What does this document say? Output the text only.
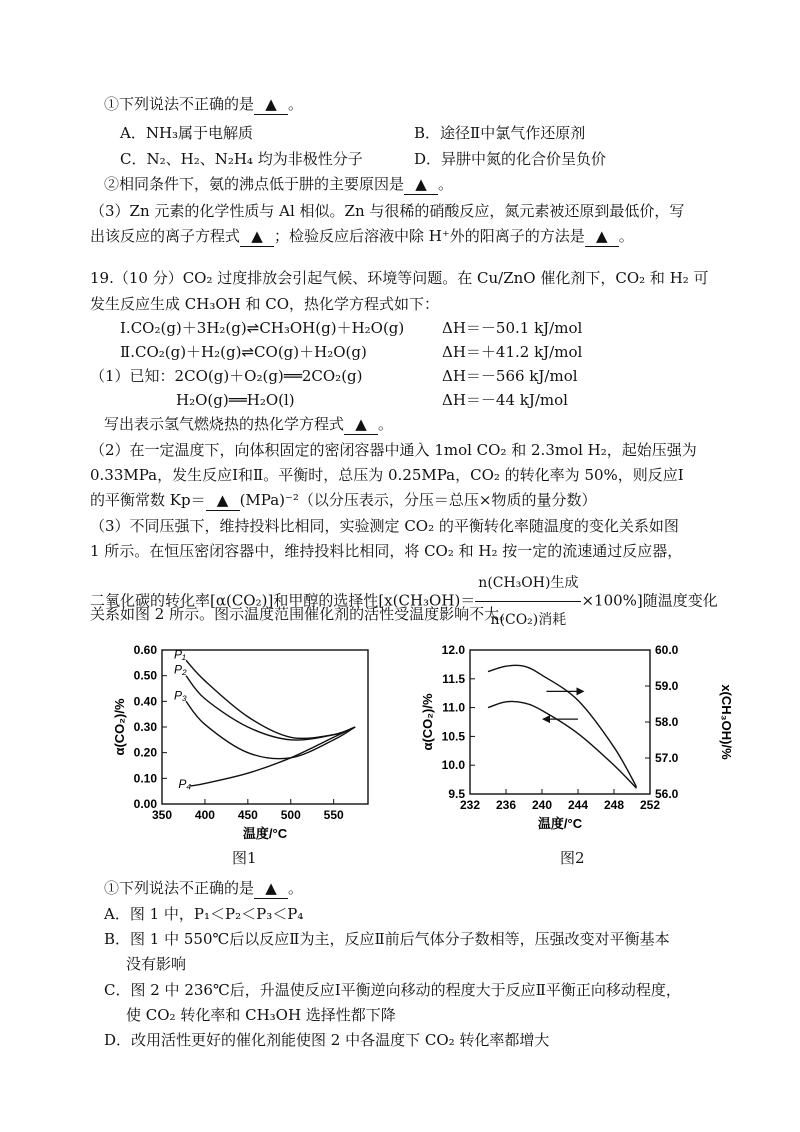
①下列说法不正确的是 ▲ 。
A．NH₃属于电解质	B．途径Ⅱ中氯气作还原剂
C．N₂、H₂、N₂H₄ 均为非极性分子	D．异肼中氮的化合价呈负价
②相同条件下，氨的沸点低于肼的主要原因是 ▲ 。
（3）Zn 元素的化学性质与 Al 相似。Zn 与很稀的硝酸反应，氮元素被还原到最低价，写
出该反应的离子方程式 ▲ ；检验反应后溶液中除 H⁺外的阳离子的方法是 ▲ 。
19.（10 分）CO₂ 过度排放会引起气候、环境等问题。在 Cu/ZnO 催化剂下，CO₂ 和 H₂ 可
发生反应生成 CH₃OH 和 CO，热化学方程式如下：
Ⅰ.CO₂(g)＋3H₂(g)⇌CH₃OH(g)＋H₂O(g)	ΔH＝－50.1 kJ/mol
Ⅱ.CO₂(g)＋H₂(g)⇌CO(g)＋H₂O(g)	ΔH＝＋41.2 kJ/mol
（1）已知：2CO(g)＋O₂(g)══2CO₂(g)	ΔH＝－566 kJ/mol
H₂O(g)══H₂O(l)	ΔH＝－44 kJ/mol
写出表示氢气燃烧热的热化学方程式 ▲ 。
（2）在一定温度下，向体积固定的密闭容器中通入 1mol CO₂ 和 2.3mol H₂，起始压强为
0.33MPa，发生反应Ⅰ和Ⅱ。平衡时，总压为 0.25MPa，CO₂ 的转化率为 50%，则反应Ⅰ
的平衡常数 Kp＝ ▲ (MPa)⁻²（以分压表示，分压＝总压×物质的量分数）
（3）不同压强下，维持投料比相同，实验测定 CO₂ 的平衡转化率随温度的变化关系如图
1 所示。在恒压密闭容器中，维持投料比相同，将 CO₂ 和 H₂ 按一定的流速通过反应器，
二氧化碳的转化率[α(CO₂)]和甲醇的选择性$[x(CH_3OH)= \frac{\text{n(CH₃OH)生成}}{\text{n(CO₂)消耗}} \times 100\%]$随温度变化
关系如图 2 所示。图示温度范围催化剂的活性受温度影响不大。
0.00
0.10
0.20
0.30
0.40
0.50
0.60
350 400 450 500 550
温度/°C
α(CO₂)/%
P₁
P₂
P₃
P₄
图1
9.5
10.0
10.5
11.0
11.5
12.0
56.0
57.0
58.0
59.0
60.0
232 236 240 244 248 252
温度/°C
α(CO₂)/%	x(CH₃OH)/%
图2
①下列说法不正确的是 ▲ 。
A．图 1 中，P₁＜P₂＜P₃＜P₄
B．图 1 中 550℃后以反应Ⅱ为主，反应Ⅱ前后气体分子数相等，压强改变对平衡基本
没有影响
C．图 2 中 236℃后，升温使反应Ⅰ平衡逆向移动的程度大于反应Ⅱ平衡正向移动程度，
使 CO₂ 转化率和 CH₃OH 选择性都下降
D．改用活性更好的催化剂能使图 2 中各温度下 CO₂ 转化率都增大
